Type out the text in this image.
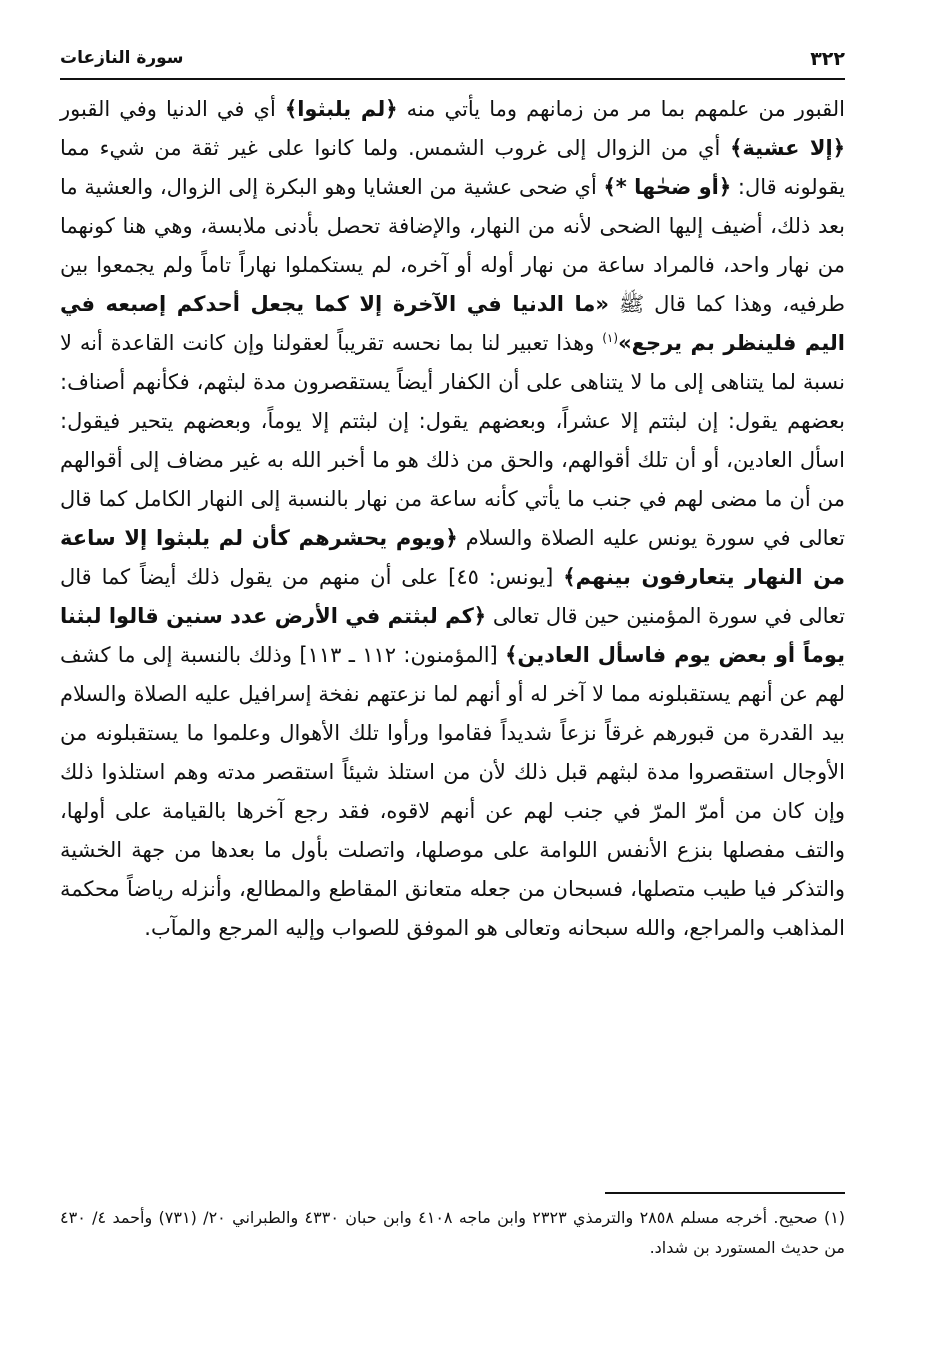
٣٢٢
سورة النازعات

القبور من علمهم بما مر من زمانهم وما يأتي منه ﴿لم يلبثوا﴾ أي في الدنيا وفي القبور ﴿إلا عشية﴾ أي من الزوال إلى غروب الشمس. ولما كانوا على غير ثقة من شيء مما يقولونه قال: ﴿أو ضحٰها *﴾ أي ضحى عشية من العشايا وهو البكرة إلى الزوال، والعشية ما بعد ذلك، أضيف إليها الضحى لأنه من النهار، والإضافة تحصل بأدنى ملابسة، وهي هنا كونهما من نهار واحد، فالمراد ساعة من نهار أوله أو آخره، لم يستكملوا نهاراً تاماً ولم يجمعوا بين طرفيه، وهذا كما قال ﷺ «ما الدنيا في الآخرة إلا كما يجعل أحدكم إصبعه في اليم فلينظر بم يرجع»$^{(١)}$ وهذا تعبير لنا بما نحسه تقريباً لعقولنا وإن كانت القاعدة أنه لا نسبة لما يتناهى إلى ما لا يتناهى على أن الكفار أيضاً يستقصرون مدة لبثهم، فكأنهم أصناف: بعضهم يقول: إن لبثتم إلا عشراً، وبعضهم يقول: إن لبثتم إلا يوماً، وبعضهم يتحير فيقول: اسأل العادين، أو أن تلك أقوالهم، والحق من ذلك هو ما أخبر الله به غير مضاف إلى أقوالهم من أن ما مضى لهم في جنب ما يأتي كأنه ساعة من نهار بالنسبة إلى النهار الكامل كما قال تعالى في سورة يونس عليه الصلاة والسلام ﴿ويوم يحشرهم كأن لم يلبثوا إلا ساعة من النهار يتعارفون بينهم﴾ [يونس: ٤٥] على أن منهم من يقول ذلك أيضاً كما قال تعالى في سورة المؤمنين حين قال تعالى ﴿كم لبثتم في الأرض عدد سنين قالوا لبثنا يوماً أو بعض يوم فاسأل العادين﴾ [المؤمنون: ١١٢ ـ ١١٣] وذلك بالنسبة إلى ما كشف لهم عن أنهم يستقبلونه مما لا آخر له أو أنهم لما نزعتهم نفخة إسرافيل عليه الصلاة والسلام بيد القدرة من قبورهم غرقاً نزعاً شديداً فقاموا ورأوا تلك الأهوال وعلموا ما يستقبلونه من الأوجال استقصروا مدة لبثهم قبل ذلك لأن من استلذ شيئاً استقصر مدته وهم استلذوا ذلك وإن كان من أمرّ المرّ في جنب لهم عن أنهم لاقوه، فقد رجع آخرها بالقيامة على أولها، والتف مفصلها بنزع الأنفس اللوامة على موصلها، واتصلت بأول ما بعدها من جهة الخشية والتذكر فيا طيب متصلها، فسبحان من جعله متعانق المقاطع والمطالع، وأنزله رياضاً محكمة المذاهب والمراجع، والله سبحانه وتعالى هو الموفق للصواب وإليه المرجع والمآب.

(١) صحيح. أخرجه مسلم ٢٨٥٨ والترمذي ٢٣٢٣ وابن ماجه ٤١٠٨ وابن حبان ٤٣٣٠ والطبراني ٢٠/ (٧٣١) وأحمد ٤/ ٤٣٠ من حديث المستورد بن شداد.
